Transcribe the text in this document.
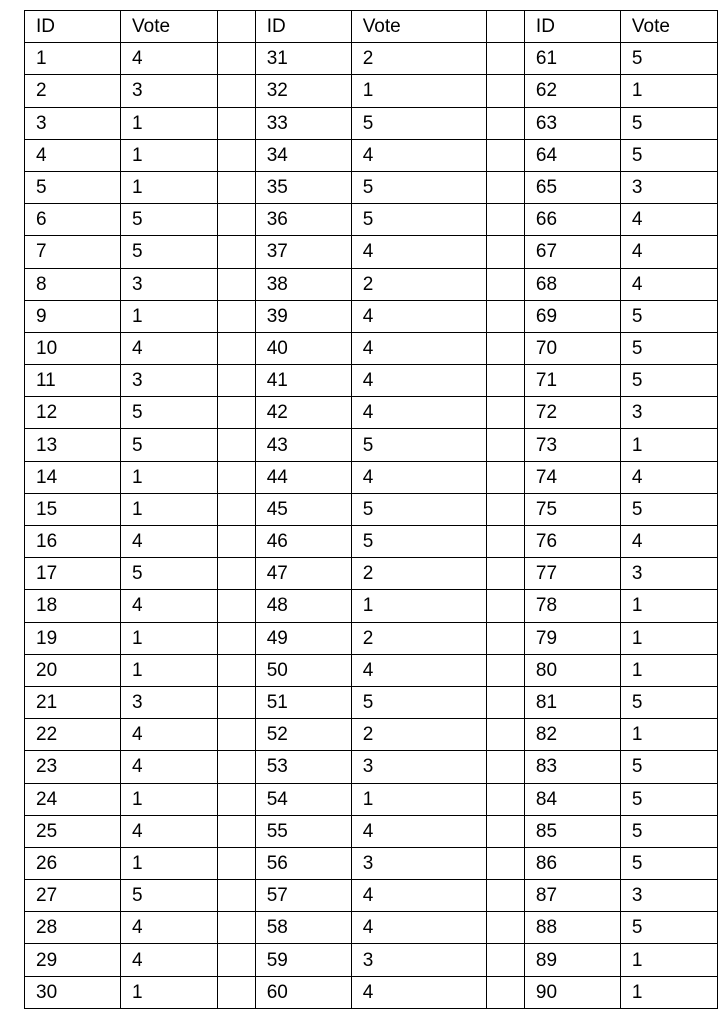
ID	Vote		ID	Vote		ID	Vote
1	4		31	2		61	5
2	3		32	1		62	1
3	1		33	5		63	5
4	1		34	4		64	5
5	1		35	5		65	3
6	5		36	5		66	4
7	5		37	4		67	4
8	3		38	2		68	4
9	1		39	4		69	5
10	4		40	4		70	5
11	3		41	4		71	5
12	5		42	4		72	3
13	5		43	5		73	1
14	1		44	4		74	4
15	1		45	5		75	5
16	4		46	5		76	4
17	5		47	2		77	3
18	4		48	1		78	1
19	1		49	2		79	1
20	1		50	4		80	1
21	3		51	5		81	5
22	4		52	2		82	1
23	4		53	3		83	5
24	1		54	1		84	5
25	4		55	4		85	5
26	1		56	3		86	5
27	5		57	4		87	3
28	4		58	4		88	5
29	4		59	3		89	1
30	1		60	4		90	1
